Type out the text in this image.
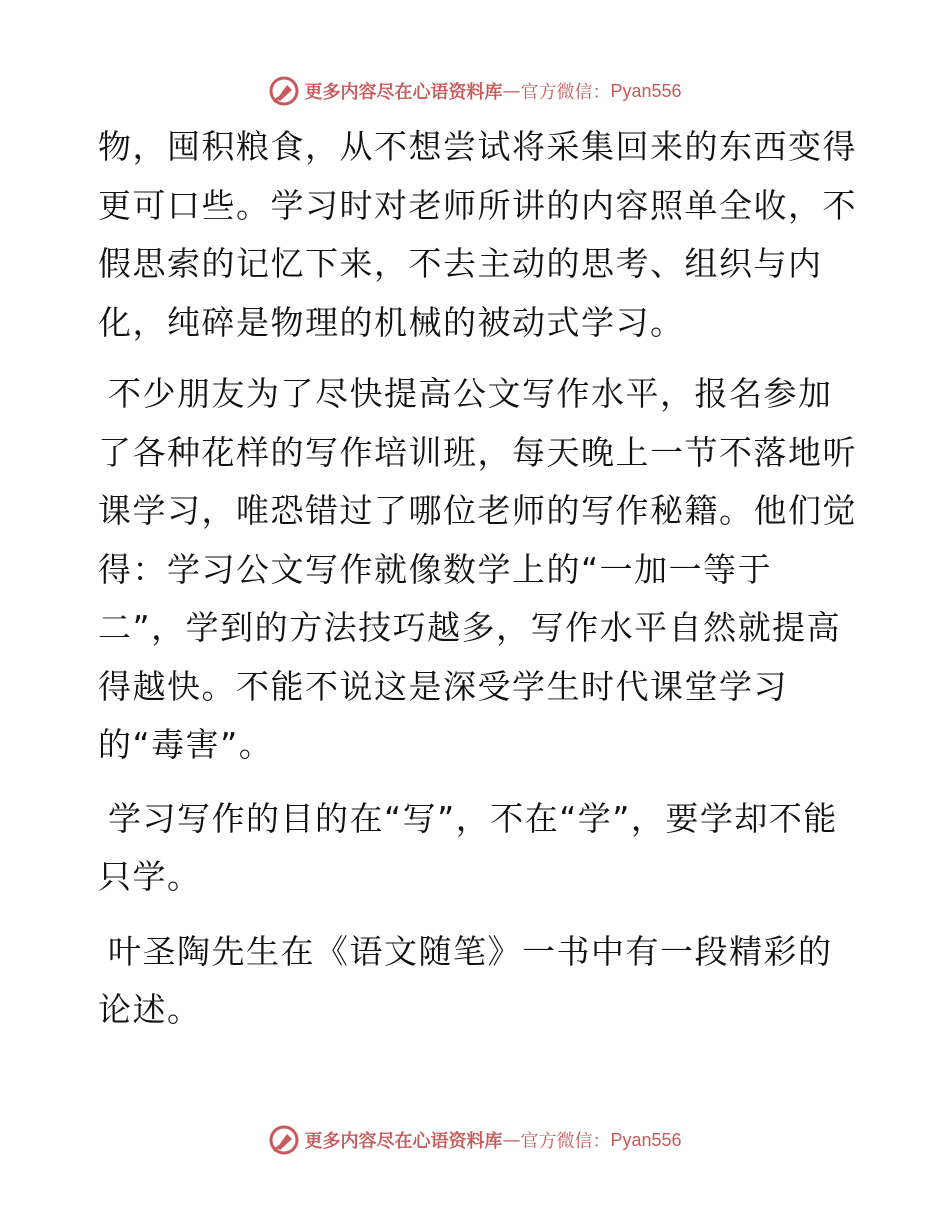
更多内容尽在心语资料库 — 官方微信： Pyan556

物，囤积粮食，从不想尝试将采集回来的东西变得更可口些。学习时对老师所讲的内容照单全收，不假思索的记忆下来，不去主动的思考、组织与内化，纯碎是物理的机械的被动式学习。

不少朋友为了尽快提高公文写作水平，报名参加了各种花样的写作培训班，每天晚上一节不落地听课学习，唯恐错过了哪位老师的写作秘籍。他们觉得：学习公文写作就像数学上的“一加一等于二”，学到的方法技巧越多，写作水平自然就提高得越快。不能不说这是深受学生时代课堂学习的“毒害”。

学习写作的目的在“写”，不在“学”，要学却不能只学。

叶圣陶先生在《语文随笔》一书中有一段精彩的论述。

更多内容尽在心语资料库 — 官方微信： Pyan556
